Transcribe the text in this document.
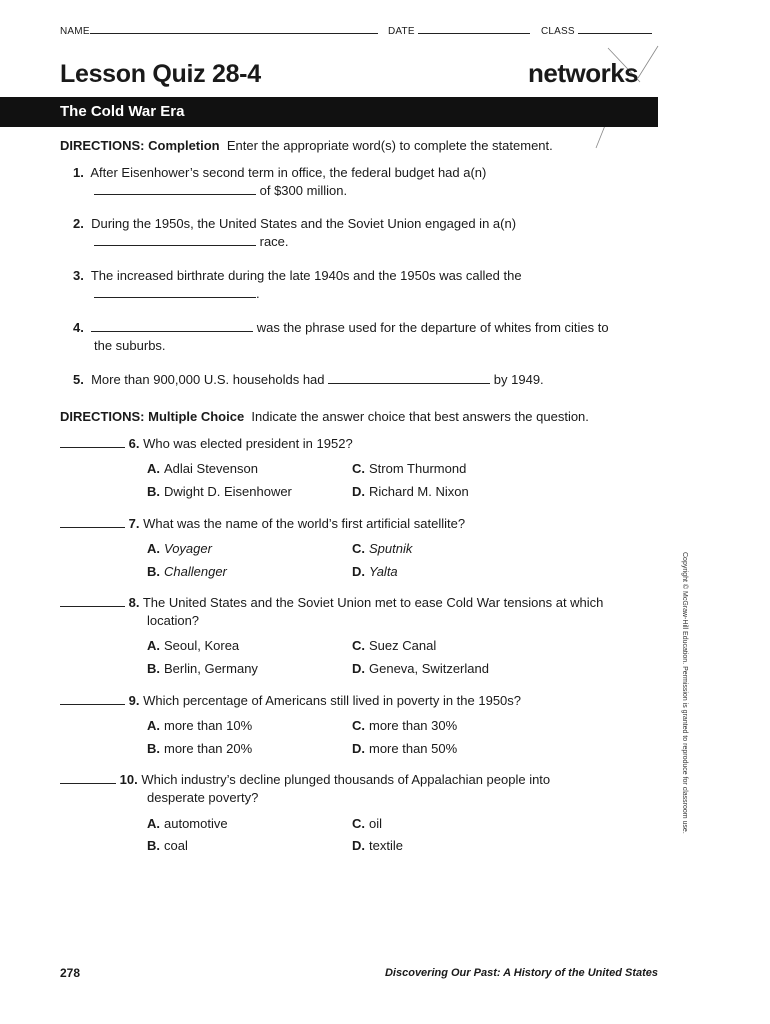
NAME	DATE	CLASS
Lesson Quiz 28-4	networks
The Cold War Era
DIRECTIONS: Completion Enter the appropriate word(s) to complete the statement.
1. After Eisenhower’s second term in office, the federal budget had a(n)
of $300 million.
2. During the 1950s, the United States and the Soviet Union engaged in a(n)
race.
3. The increased birthrate during the late 1940s and the 1950s was called the
.
4.	was the phrase used for the departure of whites from cities to
the suburbs.
5. More than 900,000 U.S. households had	by 1949.
DIRECTIONS: Multiple Choice Indicate the answer choice that best answers the question.
6. Who was elected president in 1952?
A. Adlai Stevenson	C. Strom Thurmond
B. Dwight D. Eisenhower	D. Richard M. Nixon
7. What was the name of the world’s first artificial satellite?
A. Voyager	C. Sputnik
B. Challenger	D. Yalta
8. The United States and the Soviet Union met to ease Cold War tensions at which
location?
A. Seoul, Korea	C. Suez Canal
B. Berlin, Germany	D. Geneva, Switzerland
9. Which percentage of Americans still lived in poverty in the 1950s?
A. more than 10%	C. more than 30%
B. more than 20%	D. more than 50%
10. Which industry’s decline plunged thousands of Appalachian people into
desperate poverty?
A. automotive	C. oil
B. coal	D. textile
Copyright © McGraw-Hill Education. Permission is granted to reproduce for classroom use.
278	Discovering Our Past: A History of the United States
